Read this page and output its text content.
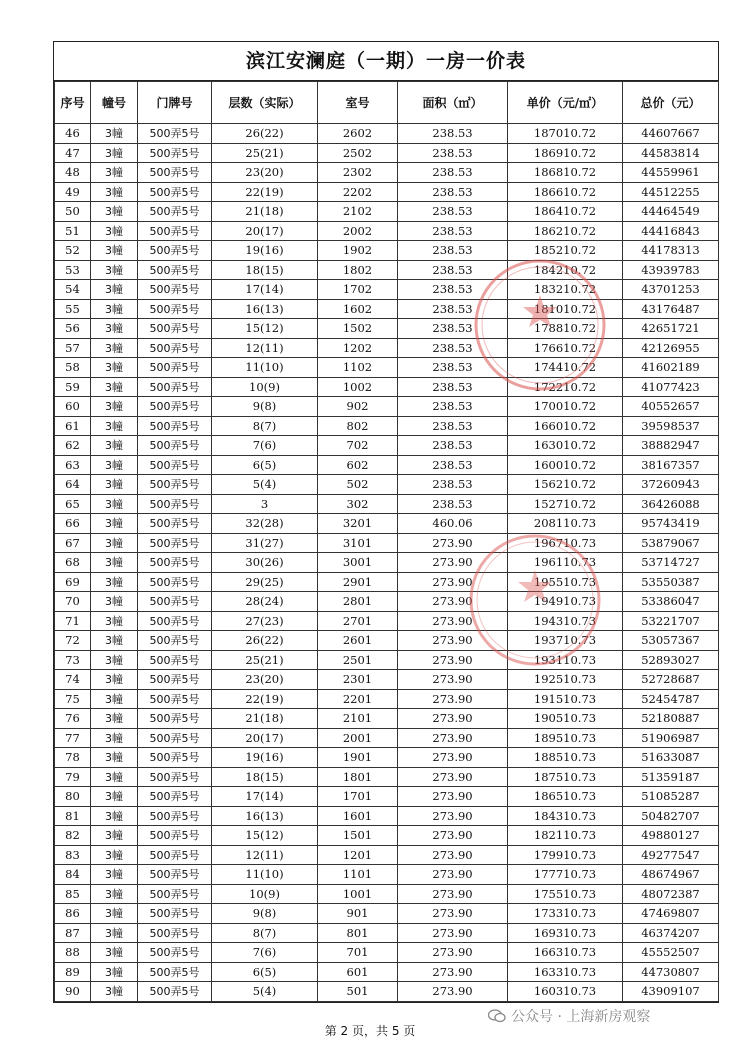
滨江安澜庭（一期）一房一价表
序号	幢号	门牌号	层数（实际）	室号	面积（㎡）	单价（元/㎡）	总价（元）
46	3幢	500弄5号	26(22)	2602	238.53	187010.72	44607667
47	3幢	500弄5号	25(21)	2502	238.53	186910.72	44583814
48	3幢	500弄5号	23(20)	2302	238.53	186810.72	44559961
49	3幢	500弄5号	22(19)	2202	238.53	186610.72	44512255
50	3幢	500弄5号	21(18)	2102	238.53	186410.72	44464549
51	3幢	500弄5号	20(17)	2002	238.53	186210.72	44416843
52	3幢	500弄5号	19(16)	1902	238.53	185210.72	44178313
53	3幢	500弄5号	18(15)	1802	238.53	184210.72	43939783
54	3幢	500弄5号	17(14)	1702	238.53	183210.72	43701253
55	3幢	500弄5号	16(13)	1602	238.53	181010.72	43176487
56	3幢	500弄5号	15(12)	1502	238.53	178810.72	42651721
57	3幢	500弄5号	12(11)	1202	238.53	176610.72	42126955
58	3幢	500弄5号	11(10)	1102	238.53	174410.72	41602189
59	3幢	500弄5号	10(9)	1002	238.53	172210.72	41077423
60	3幢	500弄5号	9(8)	902	238.53	170010.72	40552657
61	3幢	500弄5号	8(7)	802	238.53	166010.72	39598537
62	3幢	500弄5号	7(6)	702	238.53	163010.72	38882947
63	3幢	500弄5号	6(5)	602	238.53	160010.72	38167357
64	3幢	500弄5号	5(4)	502	238.53	156210.72	37260943
65	3幢	500弄5号	3	302	238.53	152710.72	36426088
66	3幢	500弄5号	32(28)	3201	460.06	208110.73	95743419
67	3幢	500弄5号	31(27)	3101	273.90	196710.73	53879067
68	3幢	500弄5号	30(26)	3001	273.90	196110.73	53714727
69	3幢	500弄5号	29(25)	2901	273.90	195510.73	53550387
70	3幢	500弄5号	28(24)	2801	273.90	194910.73	53386047
71	3幢	500弄5号	27(23)	2701	273.90	194310.73	53221707
72	3幢	500弄5号	26(22)	2601	273.90	193710.73	53057367
73	3幢	500弄5号	25(21)	2501	273.90	193110.73	52893027
74	3幢	500弄5号	23(20)	2301	273.90	192510.73	52728687
75	3幢	500弄5号	22(19)	2201	273.90	191510.73	52454787
76	3幢	500弄5号	21(18)	2101	273.90	190510.73	52180887
77	3幢	500弄5号	20(17)	2001	273.90	189510.73	51906987
78	3幢	500弄5号	19(16)	1901	273.90	188510.73	51633087
79	3幢	500弄5号	18(15)	1801	273.90	187510.73	51359187
80	3幢	500弄5号	17(14)	1701	273.90	186510.73	51085287
81	3幢	500弄5号	16(13)	1601	273.90	184310.73	50482707
82	3幢	500弄5号	15(12)	1501	273.90	182110.73	49880127
83	3幢	500弄5号	12(11)	1201	273.90	179910.73	49277547
84	3幢	500弄5号	11(10)	1101	273.90	177710.73	48674967
85	3幢	500弄5号	10(9)	1001	273.90	175510.73	48072387
86	3幢	500弄5号	9(8)	901	273.90	173310.73	47469807
87	3幢	500弄5号	8(7)	801	273.90	169310.73	46374207
88	3幢	500弄5号	7(6)	701	273.90	166310.73	45552507
89	3幢	500弄5号	6(5)	601	273.90	163310.73	44730807
90	3幢	500弄5号	5(4)	501	273.90	160310.73	43909107
公众号 · 上海新房观察
第 2 页，共 5 页
